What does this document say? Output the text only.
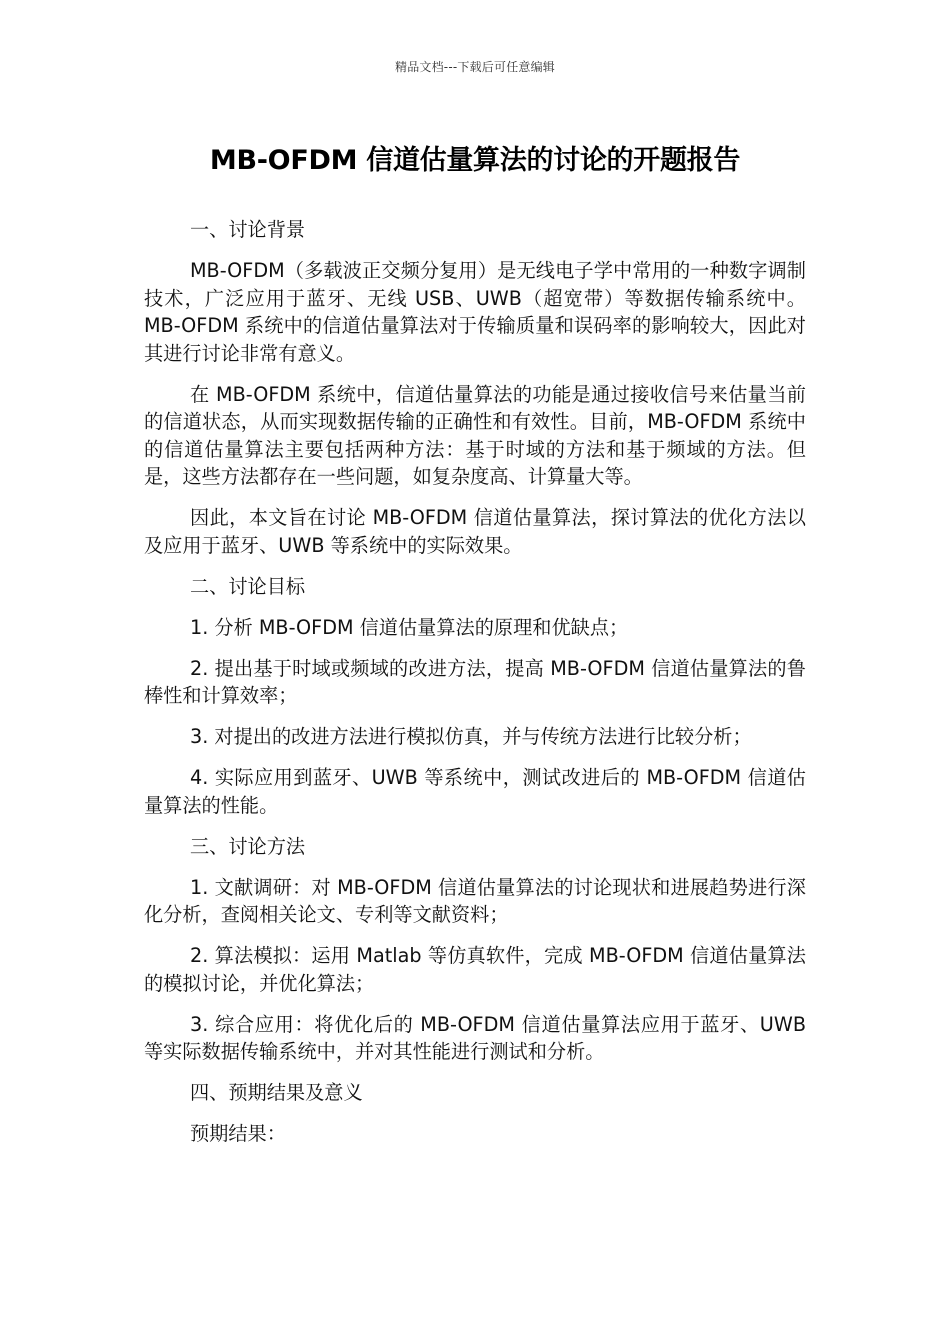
精品文档---下载后可任意编辑
MB-OFDM 信道估量算法的讨论的开题报告

一、讨论背景

MB-OFDM（多载波正交频分复用）是无线电子学中常用的一种数字调制技术，广泛应用于蓝牙、无线 USB、UWB（超宽带）等数据传输系统中。MB-OFDM 系统中的信道估量算法对于传输质量和误码率的影响较大，因此对其进行讨论非常有意义。

在 MB-OFDM 系统中，信道估量算法的功能是通过接收信号来估量当前的信道状态，从而实现数据传输的正确性和有效性。目前，MB-OFDM 系统中的信道估量算法主要包括两种方法：基于时域的方法和基于频域的方法。但是，这些方法都存在一些问题，如复杂度高、计算量大等。

因此，本文旨在讨论 MB-OFDM 信道估量算法，探讨算法的优化方法以及应用于蓝牙、UWB 等系统中的实际效果。

二、讨论目标

1. 分析 MB-OFDM 信道估量算法的原理和优缺点；

2. 提出基于时域或频域的改进方法，提高 MB-OFDM 信道估量算法的鲁棒性和计算效率；

3. 对提出的改进方法进行模拟仿真，并与传统方法进行比较分析；

4. 实际应用到蓝牙、UWB 等系统中，测试改进后的 MB-OFDM 信道估量算法的性能。

三、讨论方法

1. 文献调研：对 MB-OFDM 信道估量算法的讨论现状和进展趋势进行深化分析，查阅相关论文、专利等文献资料；

2. 算法模拟：运用 Matlab 等仿真软件，完成 MB-OFDM 信道估量算法的模拟讨论，并优化算法；

3. 综合应用：将优化后的 MB-OFDM 信道估量算法应用于蓝牙、UWB 等实际数据传输系统中，并对其性能进行测试和分析。

四、预期结果及意义

预期结果：
